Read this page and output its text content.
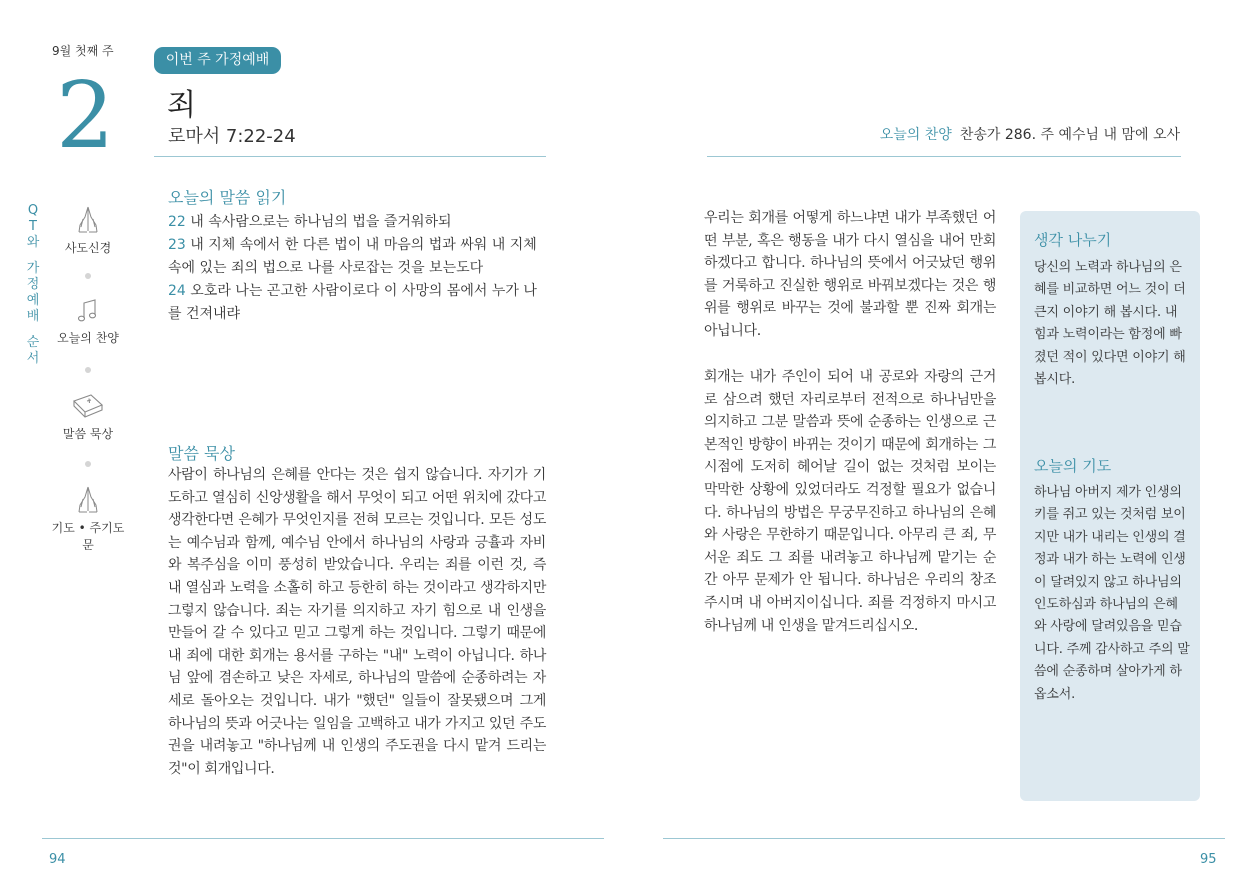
9월 첫째 주
2
이번 주 가정예배
죄
로마서 7:22-24	오늘의 찬양 찬송가 286. 주 예수님 내 맘에 오사
Q
T
와
가
정
예
배
순
서
사도신경
오늘의 찬양
말씀 묵상
기도 • 주기도문
오늘의 말씀 읽기
22 내 속사람으로는 하나님의 법을 즐거워하되
23 내 지체 속에서 한 다른 법이 내 마음의 법과 싸워 내 지체 속에 있는 죄의 법으로 나를 사로잡는 것을 보는도다
24 오호라 나는 곤고한 사람이로다 이 사망의 몸에서 누가 나를 건져내랴
말씀 묵상
사람이 하나님의 은혜를 안다는 것은 쉽지 않습니다. 자기가 기도하고 열심히 신앙생활을 해서 무엇이 되고 어떤 위치에 갔다고 생각한다면 은혜가 무엇인지를 전혀 모르는 것입니다. 모든 성도는 예수님과 함께, 예수님 안에서 하나님의 사랑과 긍휼과 자비와 복주심을 이미 풍성히 받았습니다. 우리는 죄를 이런 것, 즉 내 열심과 노력을 소홀히 하고 등한히 하는 것이라고 생각하지만 그렇지 않습니다. 죄는 자기를 의지하고 자기 힘으로 내 인생을 만들어 갈 수 있다고 믿고 그렇게 하는 것입니다. 그렇기 때문에 내 죄에 대한 회개는 용서를 구하는 "내" 노력이 아닙니다. 하나님 앞에 겸손하고 낮은 자세로, 하나님의 말씀에 순종하려는 자세로 돌아오는 것입니다. 내가 "했던" 일들이 잘못됐으며 그게 하나님의 뜻과 어긋나는 일임을 고백하고 내가 가지고 있던 주도권을 내려놓고 "하나님께 내 인생의 주도권을 다시 맡겨 드리는 것"이 회개입니다.
우리는 회개를 어떻게 하느냐면 내가 부족했던 어떤 부분, 혹은 행동을 내가 다시 열심을 내어 만회하겠다고 합니다. 하나님의 뜻에서 어긋났던 행위를 거룩하고 진실한 행위로 바꿔보겠다는 것은 행위를 행위로 바꾸는 것에 불과할 뿐 진짜 회개는 아닙니다.
회개는 내가 주인이 되어 내 공로와 자랑의 근거로 삼으려 했던 자리로부터 전적으로 하나님만을 의지하고 그분 말씀과 뜻에 순종하는 인생으로 근본적인 방향이 바뀌는 것이기 때문에 회개하는 그 시점에 도저히 헤어날 길이 없는 것처럼 보이는 막막한 상황에 있었더라도 걱정할 필요가 없습니다. 하나님의 방법은 무궁무진하고 하나님의 은혜와 사랑은 무한하기 때문입니다. 아무리 큰 죄, 무서운 죄도 그 죄를 내려놓고 하나님께 맡기는 순간 아무 문제가 안 됩니다. 하나님은 우리의 창조주시며 내 아버지이십니다. 죄를 걱정하지 마시고 하나님께 내 인생을 맡겨드리십시오.
생각 나누기
당신의 노력과 하나님의 은혜를 비교하면 어느 것이 더 큰지 이야기 해 봅시다. 내 힘과 노력이라는 함정에 빠졌던 적이 있다면 이야기 해 봅시다.
오늘의 기도
하나님 아버지 제가 인생의 키를 쥐고 있는 것처럼 보이지만 내가 내리는 인생의 결정과 내가 하는 노력에 인생이 달려있지 않고 하나님의 인도하심과 하나님의 은혜와 사랑에 달려있음을 믿습니다. 주께 감사하고 주의 말씀에 순종하며 살아가게 하옵소서.
94	95
